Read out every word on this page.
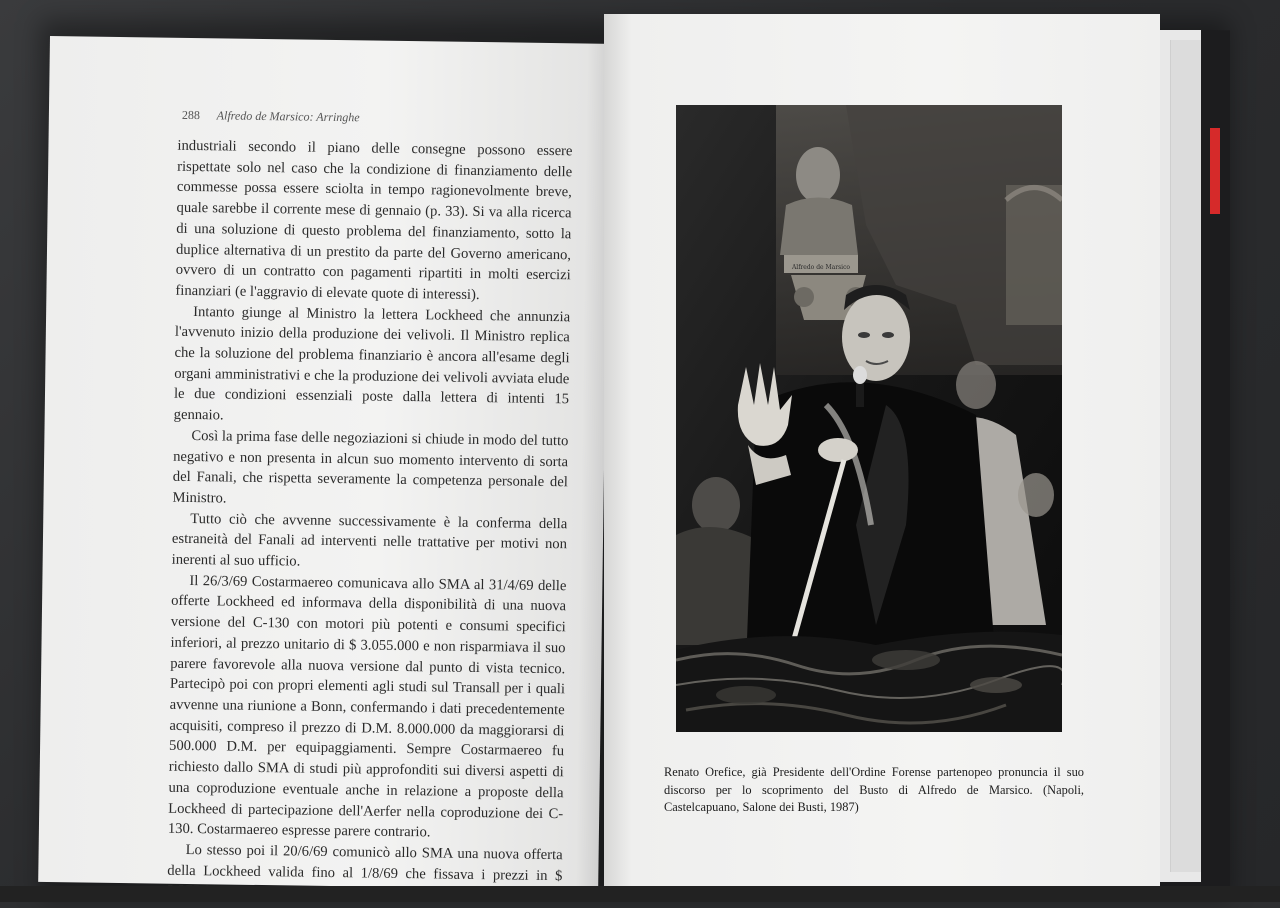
288 Alfredo de Marsico: Arringhe

industriali secondo il piano delle consegne possono essere rispettate solo nel caso che la condizione di finanziamento delle commesse possa essere sciolta in tempo ragionevolmente breve, quale sarebbe il corrente mese di gennaio (p. 33). Si va alla ricerca di una soluzione di questo problema del finanziamento, sotto la duplice alternativa di un prestito da parte del Governo americano, ovvero di un contratto con pagamenti ripartiti in molti esercizi finanziari (e l'aggravio di elevate quote di interessi).

Intanto giunge al Ministro la lettera Lockheed che annunzia l'avvenuto inizio della produzione dei velivoli. Il Ministro replica che la soluzione del problema finanziario è ancora all'esame degli organi amministrativi e che la produzione dei velivoli avviata elude le due condizioni essenziali poste dalla lettera di intenti 15 gennaio.

Così la prima fase delle negoziazioni si chiude in modo del tutto negativo e non presenta in alcun suo momento intervento di sorta del Fanali, che rispetta severamente la competenza personale del Ministro.

Tutto ciò che avvenne successivamente è la conferma della estraneità del Fanali ad interventi nelle trattative per motivi non inerenti al suo ufficio.

Il 26/3/69 Costarmaereo comunicava allo SMA al 31/4/69 delle offerte Lockheed ed informava della disponibilità di una nuova versione del C-130 con motori più potenti e consumi specifici inferiori, al prezzo unitario di $ 3.055.000 e non risparmiava il suo parere favorevole alla nuova versione dal punto di vista tecnico. Partecipò poi con propri elementi agli studi sul Transall per i quali avvenne una riunione a Bonn, confermando i dati precedentemente acquisiti, compreso il prezzo di D.M. 8.000.000 da maggiorarsi di 500.000 D.M. per equipaggiamenti. Sempre Costarmaereo fu richiesto dallo SMA di studi più approfonditi sui diversi aspetti di una coproduzione eventuale anche in relazione a proposte della Lockheed di partecipazione dell'Aerfer nella coproduzione dei C-130. Costarmaereo espresse parere contrario.

Lo stesso poi il 20/6/69 comunicò allo SMA una nuova offerta della Lockheed valida fino al 1/8/69 che fissava i prezzi in $

Alfredo de Marsico
Renato Orefice, già Presidente dell'Ordine Forense partenopeo pronuncia il suo discorso per lo scoprimento del Busto di Alfredo de Marsico. (Napoli, Castelcapuano, Salone dei Busti, 1987)
